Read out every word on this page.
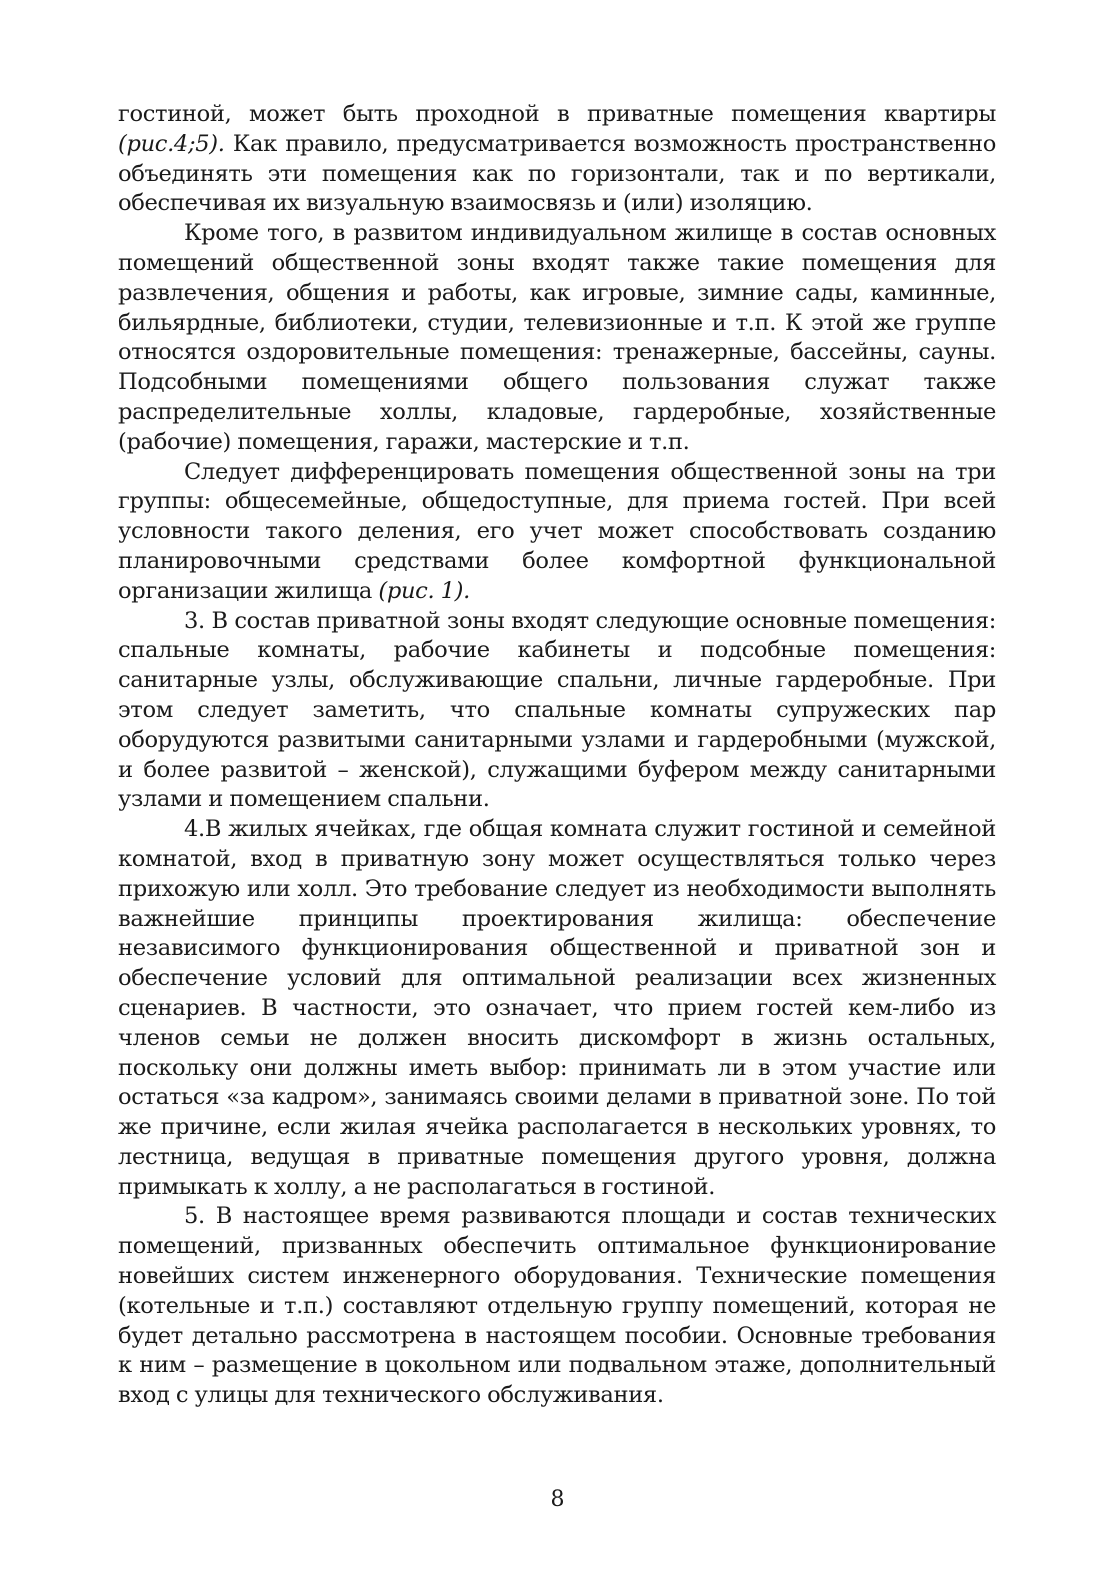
гостиной, может быть проходной в приватные помещения квартиры (рис.4;5). Как правило, предусматривается возможность пространственно объединять эти помещения как по горизонтали, так и по вертикали, обеспечивая их визуальную взаимосвязь и (или) изоляцию.

Кроме того, в развитом индивидуальном жилище в состав основных помещений общественной зоны входят также такие помещения для развлечения, общения и работы, как игровые, зимние сады, каминные, бильярдные, библиотеки, студии, телевизионные и т.п. К этой же группе относятся оздоровительные помещения: тренажерные, бассейны, сауны. Подсобными помещениями общего пользования служат также распределительные холлы, кладовые, гардеробные, хозяйственные (рабочие) помещения, гаражи, мастерские и т.п.

Следует дифференцировать помещения общественной зоны на три группы: общесемейные, общедоступные, для приема гостей. При всей условности такого деления, его учет может способствовать созданию планировочными средствами более комфортной функциональной организации жилища (рис. 1).

3. В состав приватной зоны входят следующие основные помещения: спальные комнаты, рабочие кабинеты и подсобные помещения: санитарные узлы, обслуживающие спальни, личные гардеробные. При этом следует заметить, что спальные комнаты супружеских пар оборудуются развитыми санитарными узлами и гардеробными (мужской, и более развитой – женской), служащими буфером между санитарными узлами и помещением спальни.

4.В жилых ячейках, где общая комната служит гостиной и семейной комнатой, вход в приватную зону может осуществляться только через прихожую или холл. Это требование следует из необходимости выполнять важнейшие принципы проектирования жилища: обеспечение независимого функционирования общественной и приватной зон и обеспечение условий для оптимальной реализации всех жизненных сценариев. В частности, это означает, что прием гостей кем-либо из членов семьи не должен вносить дискомфорт в жизнь остальных, поскольку они должны иметь выбор: принимать ли в этом участие или остаться «за кадром», занимаясь своими делами в приватной зоне. По той же причине, если жилая ячейка располагается в нескольких уровнях, то лестница, ведущая в приватные помещения другого уровня, должна примыкать к холлу, а не располагаться в гостиной.

5. В настоящее время развиваются площади и состав технических помещений, призванных обеспечить оптимальное функционирование новейших систем инженерного оборудования. Технические помещения (котельные и т.п.) составляют отдельную группу помещений, которая не будет детально рассмотрена в настоящем пособии. Основные требования к ним – размещение в цокольном или подвальном этаже, дополнительный вход с улицы для технического обслуживания.

8
